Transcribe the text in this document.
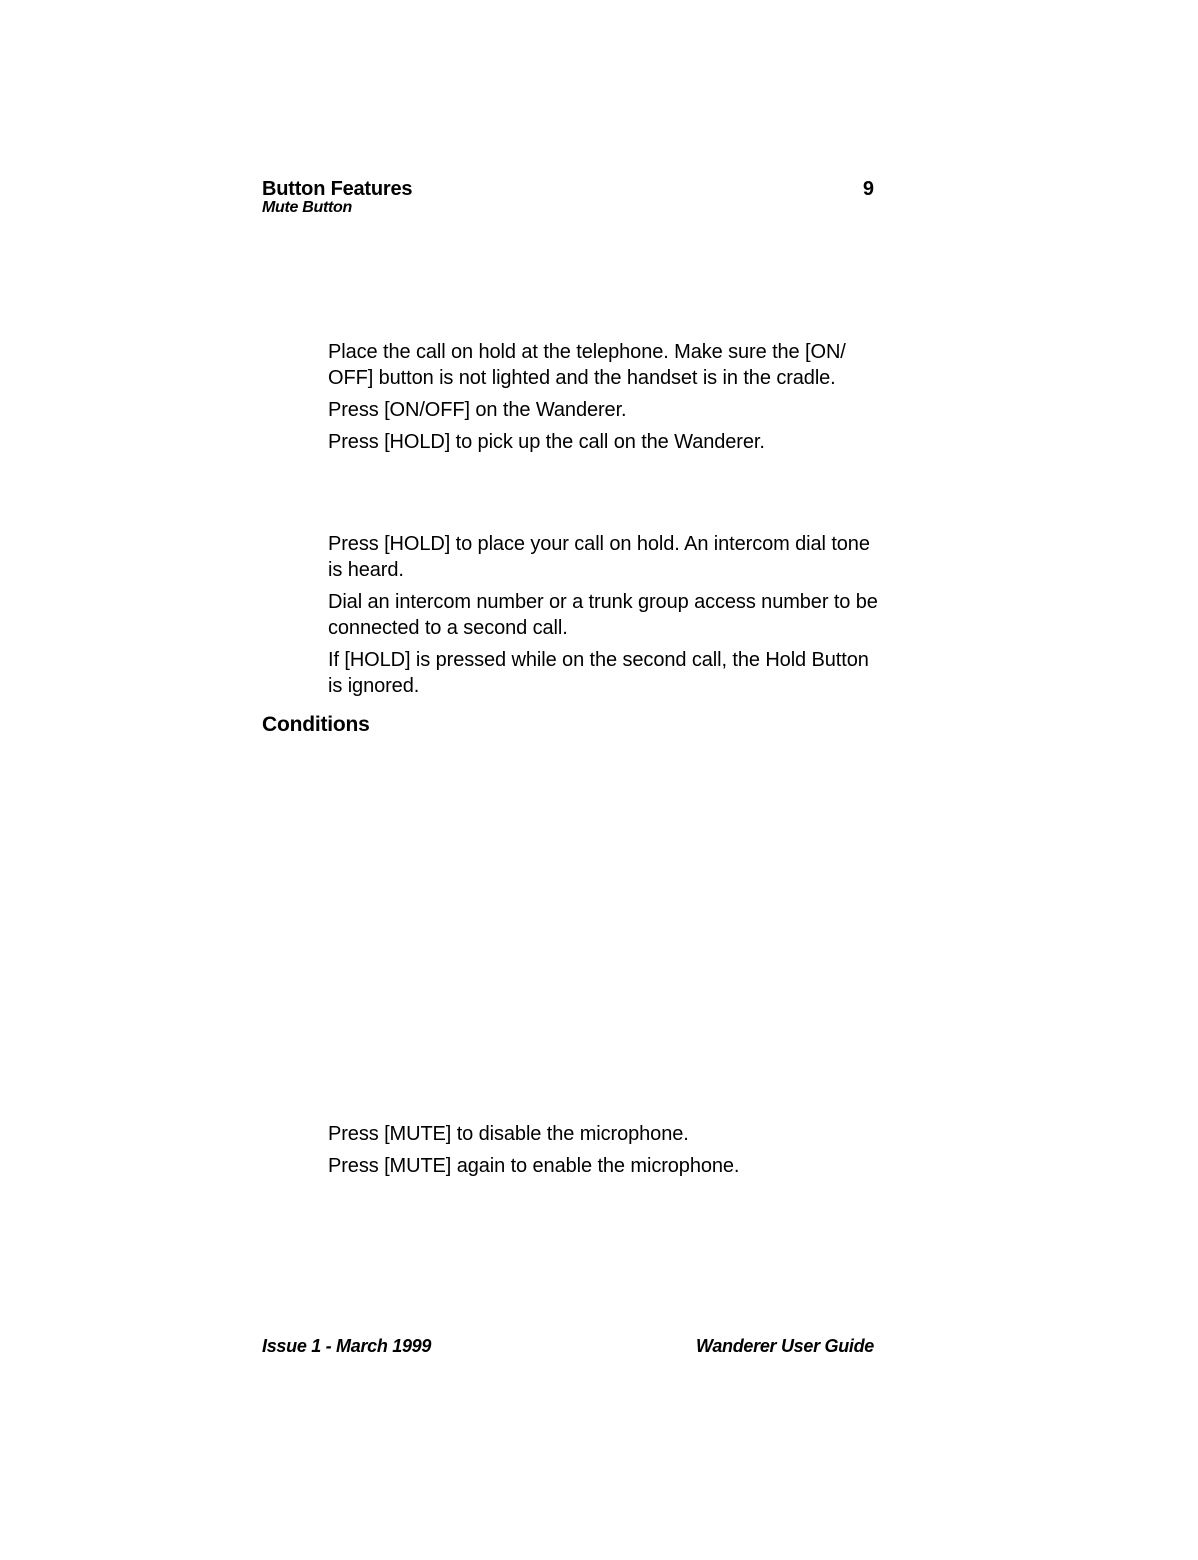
Button Features
Mute Button
9
Place the call on hold at the telephone. Make sure the [ON/ OFF] button is not lighted and the handset is in the cradle.
Press [ON/OFF] on the Wanderer.
Press [HOLD] to pick up the call on the Wanderer.
Press [HOLD] to place your call on hold. An intercom dial tone is heard.
Dial an intercom number or a trunk group access number to be connected to a second call.
If [HOLD] is pressed while on the second call, the Hold Button is ignored.
Conditions
Press [MUTE] to disable the microphone.
Press [MUTE] again to enable the microphone.
Issue 1 - March 1999	Wanderer User Guide
